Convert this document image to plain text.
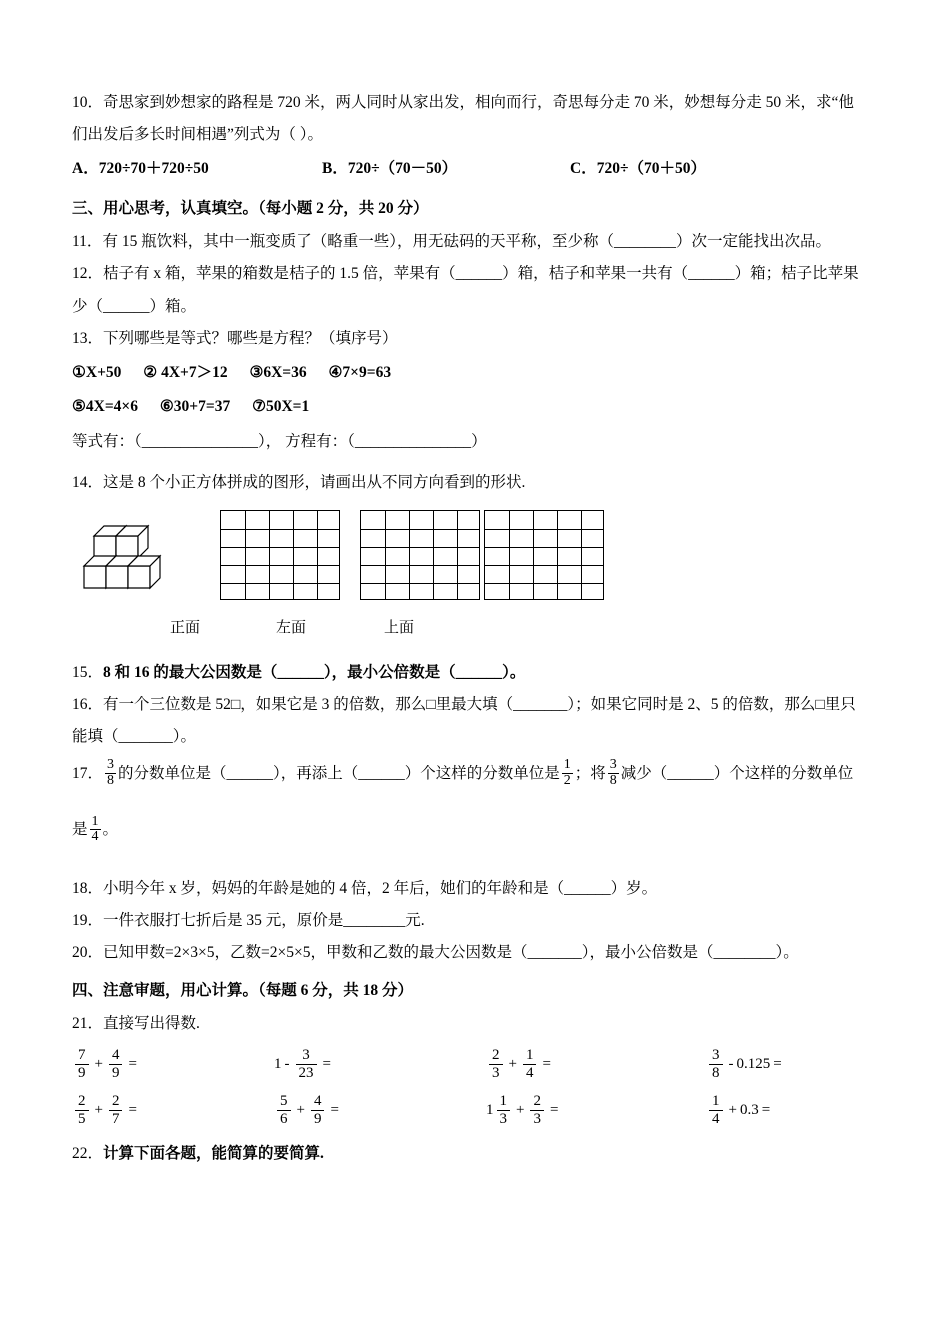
10．奇思家到妙想家的路程是 720 米，两人同时从家出发，相向而行，奇思每分走 70 米，妙想每分走 50 米，求“他
们出发后多长时间相遇”列式为（ ）。
A．720÷70＋720÷50	B．720÷（70－50）	C．720÷（70＋50）
三、用心思考，认真填空。（每小题 2 分，共 20 分）
11．有 15 瓶饮料，其中一瓶变质了（略重一些），用无砝码的天平称，至少称（________）次一定能找出次品。
12．桔子有 x 箱，苹果的箱数是桔子的 1.5 倍，苹果有（______）箱，桔子和苹果一共有（______）箱；桔子比苹果
少（______）箱。
13．下列哪些是等式？哪些是方程？（填序号）
①X+50 ② 4X+7＞12 ③6X=36 ④7×9=63
⑤4X=4×6 ⑥30+7=37 ⑦50X=1
等式有：（_______________）， 方程有：（_______________）
14．这是 8 个小正方体拼成的图形，请画出从不同方向看到的形状.
正面	左面	上面
15．8 和 16 的最大公因数是（______），最小公倍数是（______）。
16．有一个三位数是 52□，如果它是 3 的倍数，那么□里最大填（_______）；如果它同时是 2、5 的倍数，那么□里只
能填（_______）。
17． $\frac{3}{8}$ 的分数单位是（______），再添上（______）个这样的分数单位是 $\frac{1}{2}$ ；将 $\frac{3}{8}$ 减少（______）个这样的分数单位
是 $\frac{1}{4}$ 。
18．小明今年 x 岁，妈妈的年龄是她的 4 倍，2 年后，她们的年龄和是（______）岁。
19．一件衣服打七折后是 35 元，原价是________元.
20．已知甲数=2×3×5，乙数=2×5×5，甲数和乙数的最大公因数是（_______），最小公倍数是（________）。
四、注意审题，用心计算。（每题 6 分，共 18 分）
21．直接写出得数.
$\frac{7}{9} + \frac{4}{9}$ =	$1 - \frac{3}{23}$ =	$\frac{2}{3} + \frac{1}{4}$ =	$\frac{3}{8} - 0.125$ =
$\frac{2}{5} + \frac{2}{7}$ =	$\frac{5}{6} + \frac{4}{9}$ =	$1 \frac{1}{3} + \frac{2}{3}$ =	$\frac{1}{4} + 0.3$ =
22．计算下面各题，能简算的要简算.
